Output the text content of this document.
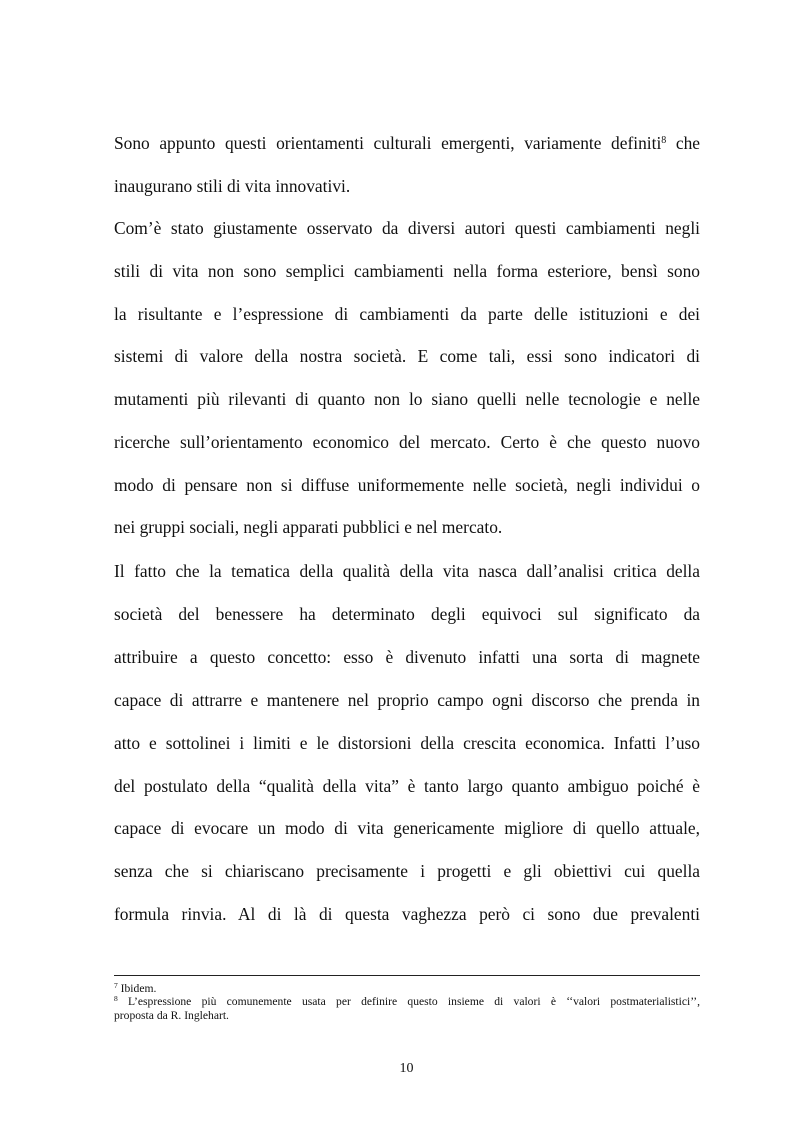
Sono appunto questi orientamenti culturali emergenti, variamente definiti$^8$ che
inaugurano stili di vita innovativi.
Com’è stato giustamente osservato da diversi autori questi cambiamenti negli
stili di vita non sono semplici cambiamenti nella forma esteriore, bensì sono
la risultante e l’espressione di cambiamenti da parte delle istituzioni e dei
sistemi di valore della nostra società. E come tali, essi sono indicatori di
mutamenti più rilevanti di quanto non lo siano quelli nelle tecnologie e nelle
ricerche sull’orientamento economico del mercato. Certo è che questo nuovo
modo di pensare non si diffuse uniformemente nelle società, negli individui o
nei gruppi sociali, negli apparati pubblici e nel mercato.
Il fatto che la tematica della qualità della vita nasca dall’analisi critica della
società del benessere ha determinato degli equivoci sul significato da
attribuire a questo concetto: esso è divenuto infatti una sorta di magnete
capace di attrarre e mantenere nel proprio campo ogni discorso che prenda in
atto e sottolinei i limiti e le distorsioni della crescita economica. Infatti l’uso
del postulato della “qualità della vita” è tanto largo quanto ambiguo poiché è
capace di evocare un modo di vita genericamente migliore di quello attuale,
senza che si chiariscano precisamente i progetti e gli obiettivi cui quella
formula rinvia. Al di là di questa vaghezza però ci sono due prevalenti
$^7$ Ibidem.
$^8$ L’espressione più comunemente usata per definire questo insieme di valori è ‘‘valori postmaterialistici’’,
proposta da R. Inglehart.
10
